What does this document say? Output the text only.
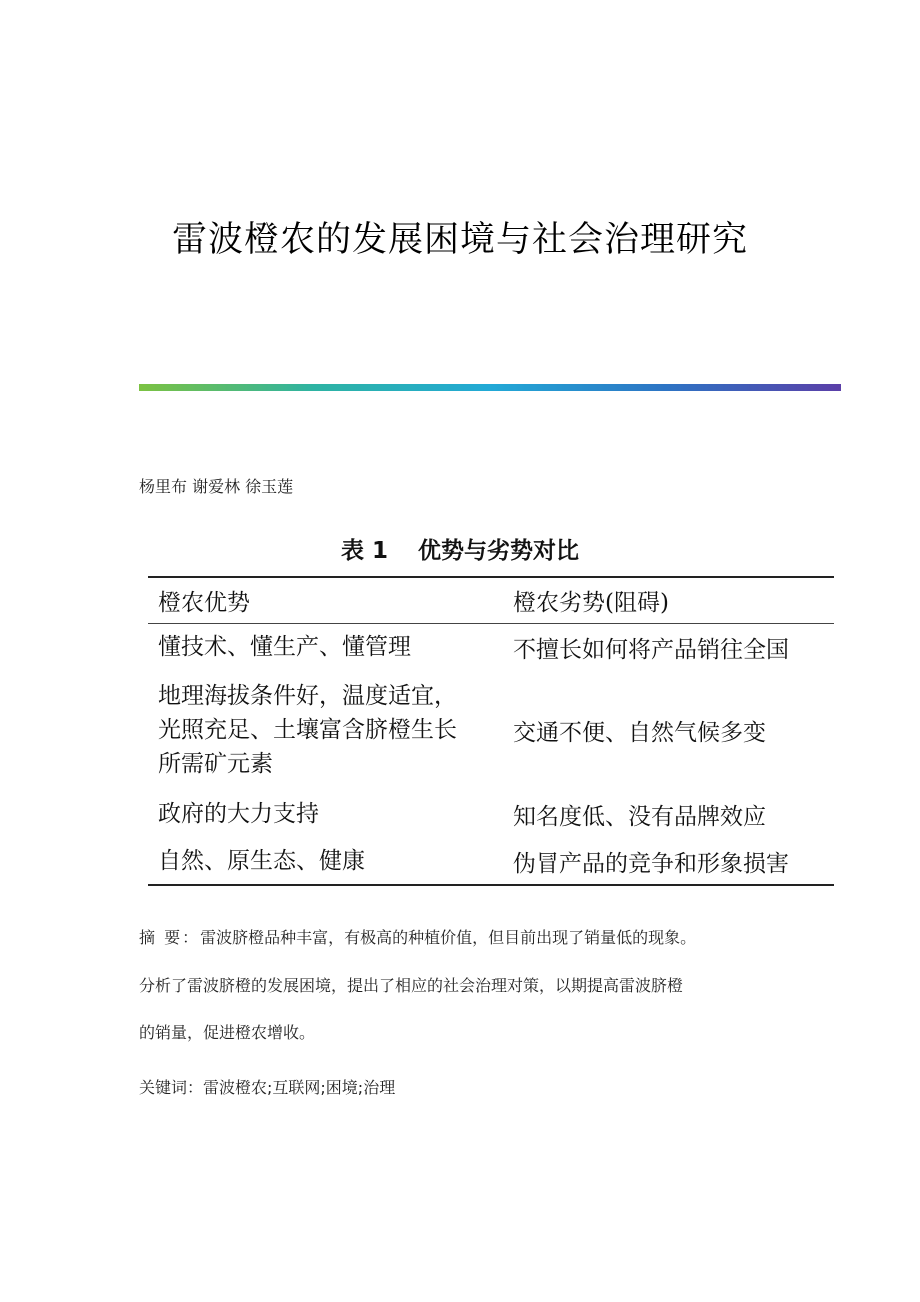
雷波橙农的发展困境与社会治理研究
杨里布 谢爱林 徐玉莲
表 1 优势与劣势对比
橙农优势	橙农劣势(阻碍)
懂技术、懂生产、懂管理	不擅长如何将产品销往全国

地理海拔条件好，温度适宜，
光照充足、土壤富含脐橙生长
所需矿元素	交通不便、自然气候多变
政府的大力支持	知名度低、没有品牌效应
自然、原生态、健康	伪冒产品的竞争和形象损害
摘 要：雷波脐橙品种丰富，有极高的种植价值，但目前出现了销量低的现象。
分析了雷波脐橙的发展困境，提出了相应的社会治理对策，以期提高雷波脐橙
的销量，促进橙农增收。
关键词：雷波橙农;互联网;困境;治理
